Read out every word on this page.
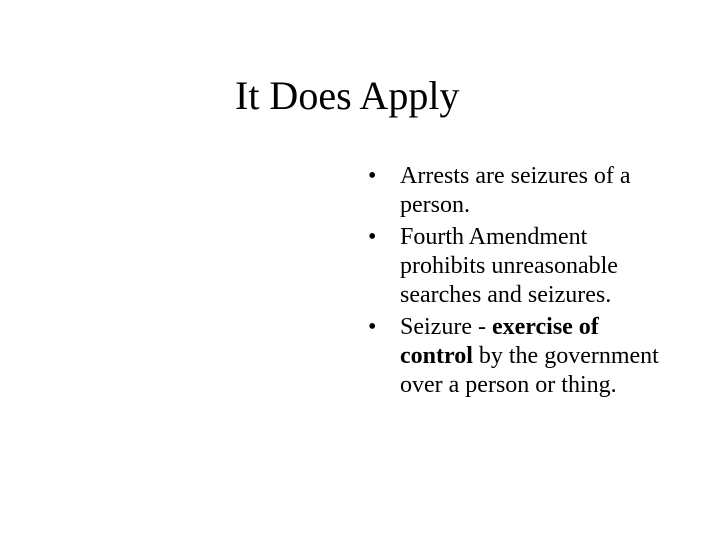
It Does Apply
• Arrests are seizures of a person.
• Fourth Amendment prohibits unreasonable searches and seizures.
• Seizure - exercise of control by the government over a person or thing.
